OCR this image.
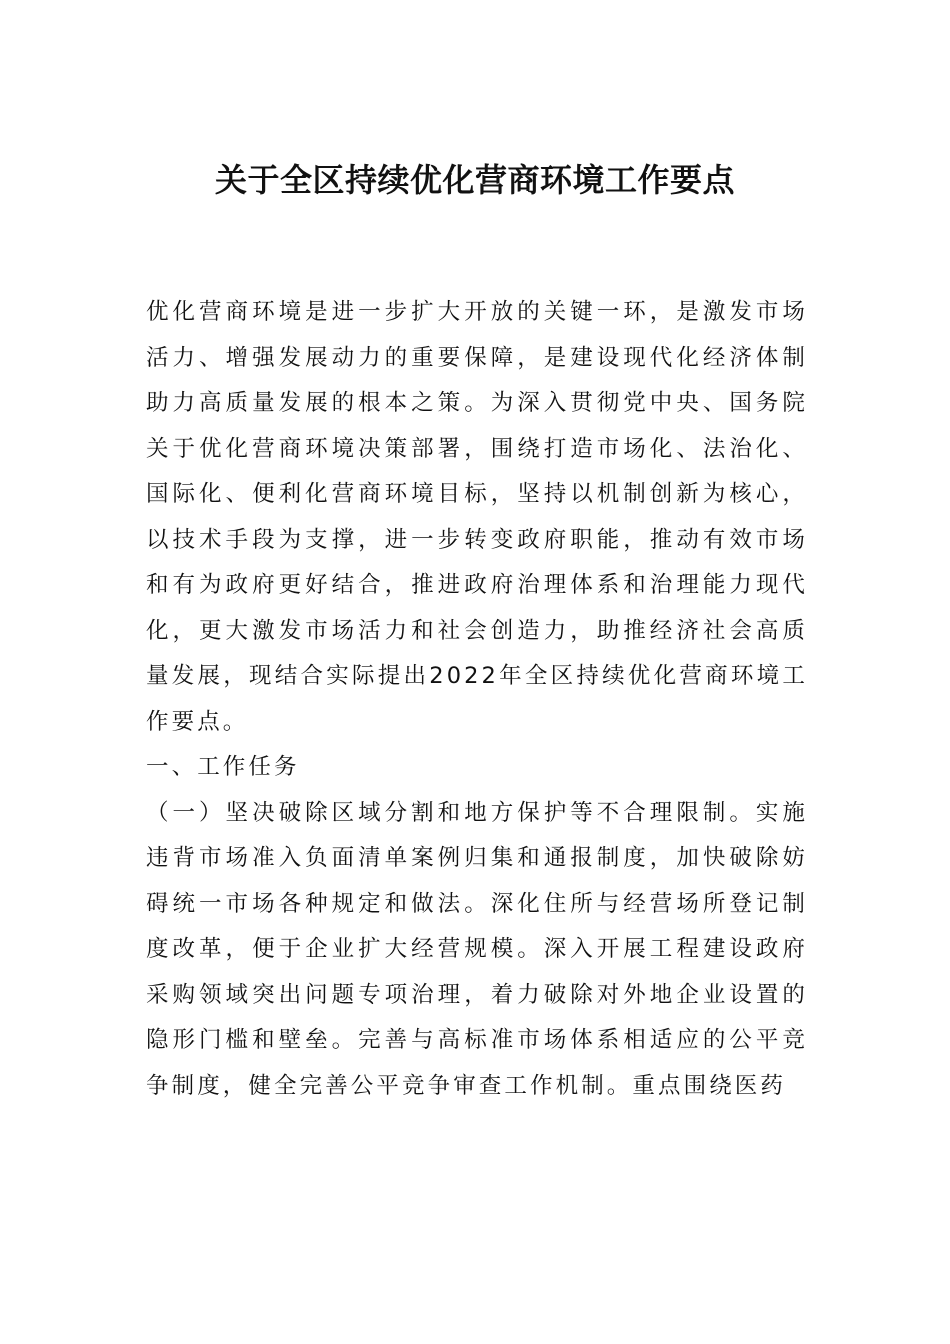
关于全区持续优化营商环境工作要点

优化营商环境是进一步扩大开放的关键一环，是激发市场活力、增强发展动力的重要保障，是建设现代化经济体制助力高质量发展的根本之策。为深入贯彻党中央、国务院关于优化营商环境决策部署，围绕打造市场化、法治化、国际化、便利化营商环境目标，坚持以机制创新为核心，以技术手段为支撑，进一步转变政府职能，推动有效市场和有为政府更好结合，推进政府治理体系和治理能力现代化，更大激发市场活力和社会创造力，助推经济社会高质量发展，现结合实际提出2022年全区持续优化营商环境工作要点。

一、工作任务

（一）坚决破除区域分割和地方保护等不合理限制。实施违背市场准入负面清单案例归集和通报制度，加快破除妨碍统一市场各种规定和做法。深化住所与经营场所登记制度改革，便于企业扩大经营规模。深入开展工程建设政府采购领域突出问题专项治理，着力破除对外地企业设置的隐形门槛和壁垒。完善与高标准市场体系相适应的公平竞争制度，健全完善公平竞争审查工作机制。重点围绕医药
